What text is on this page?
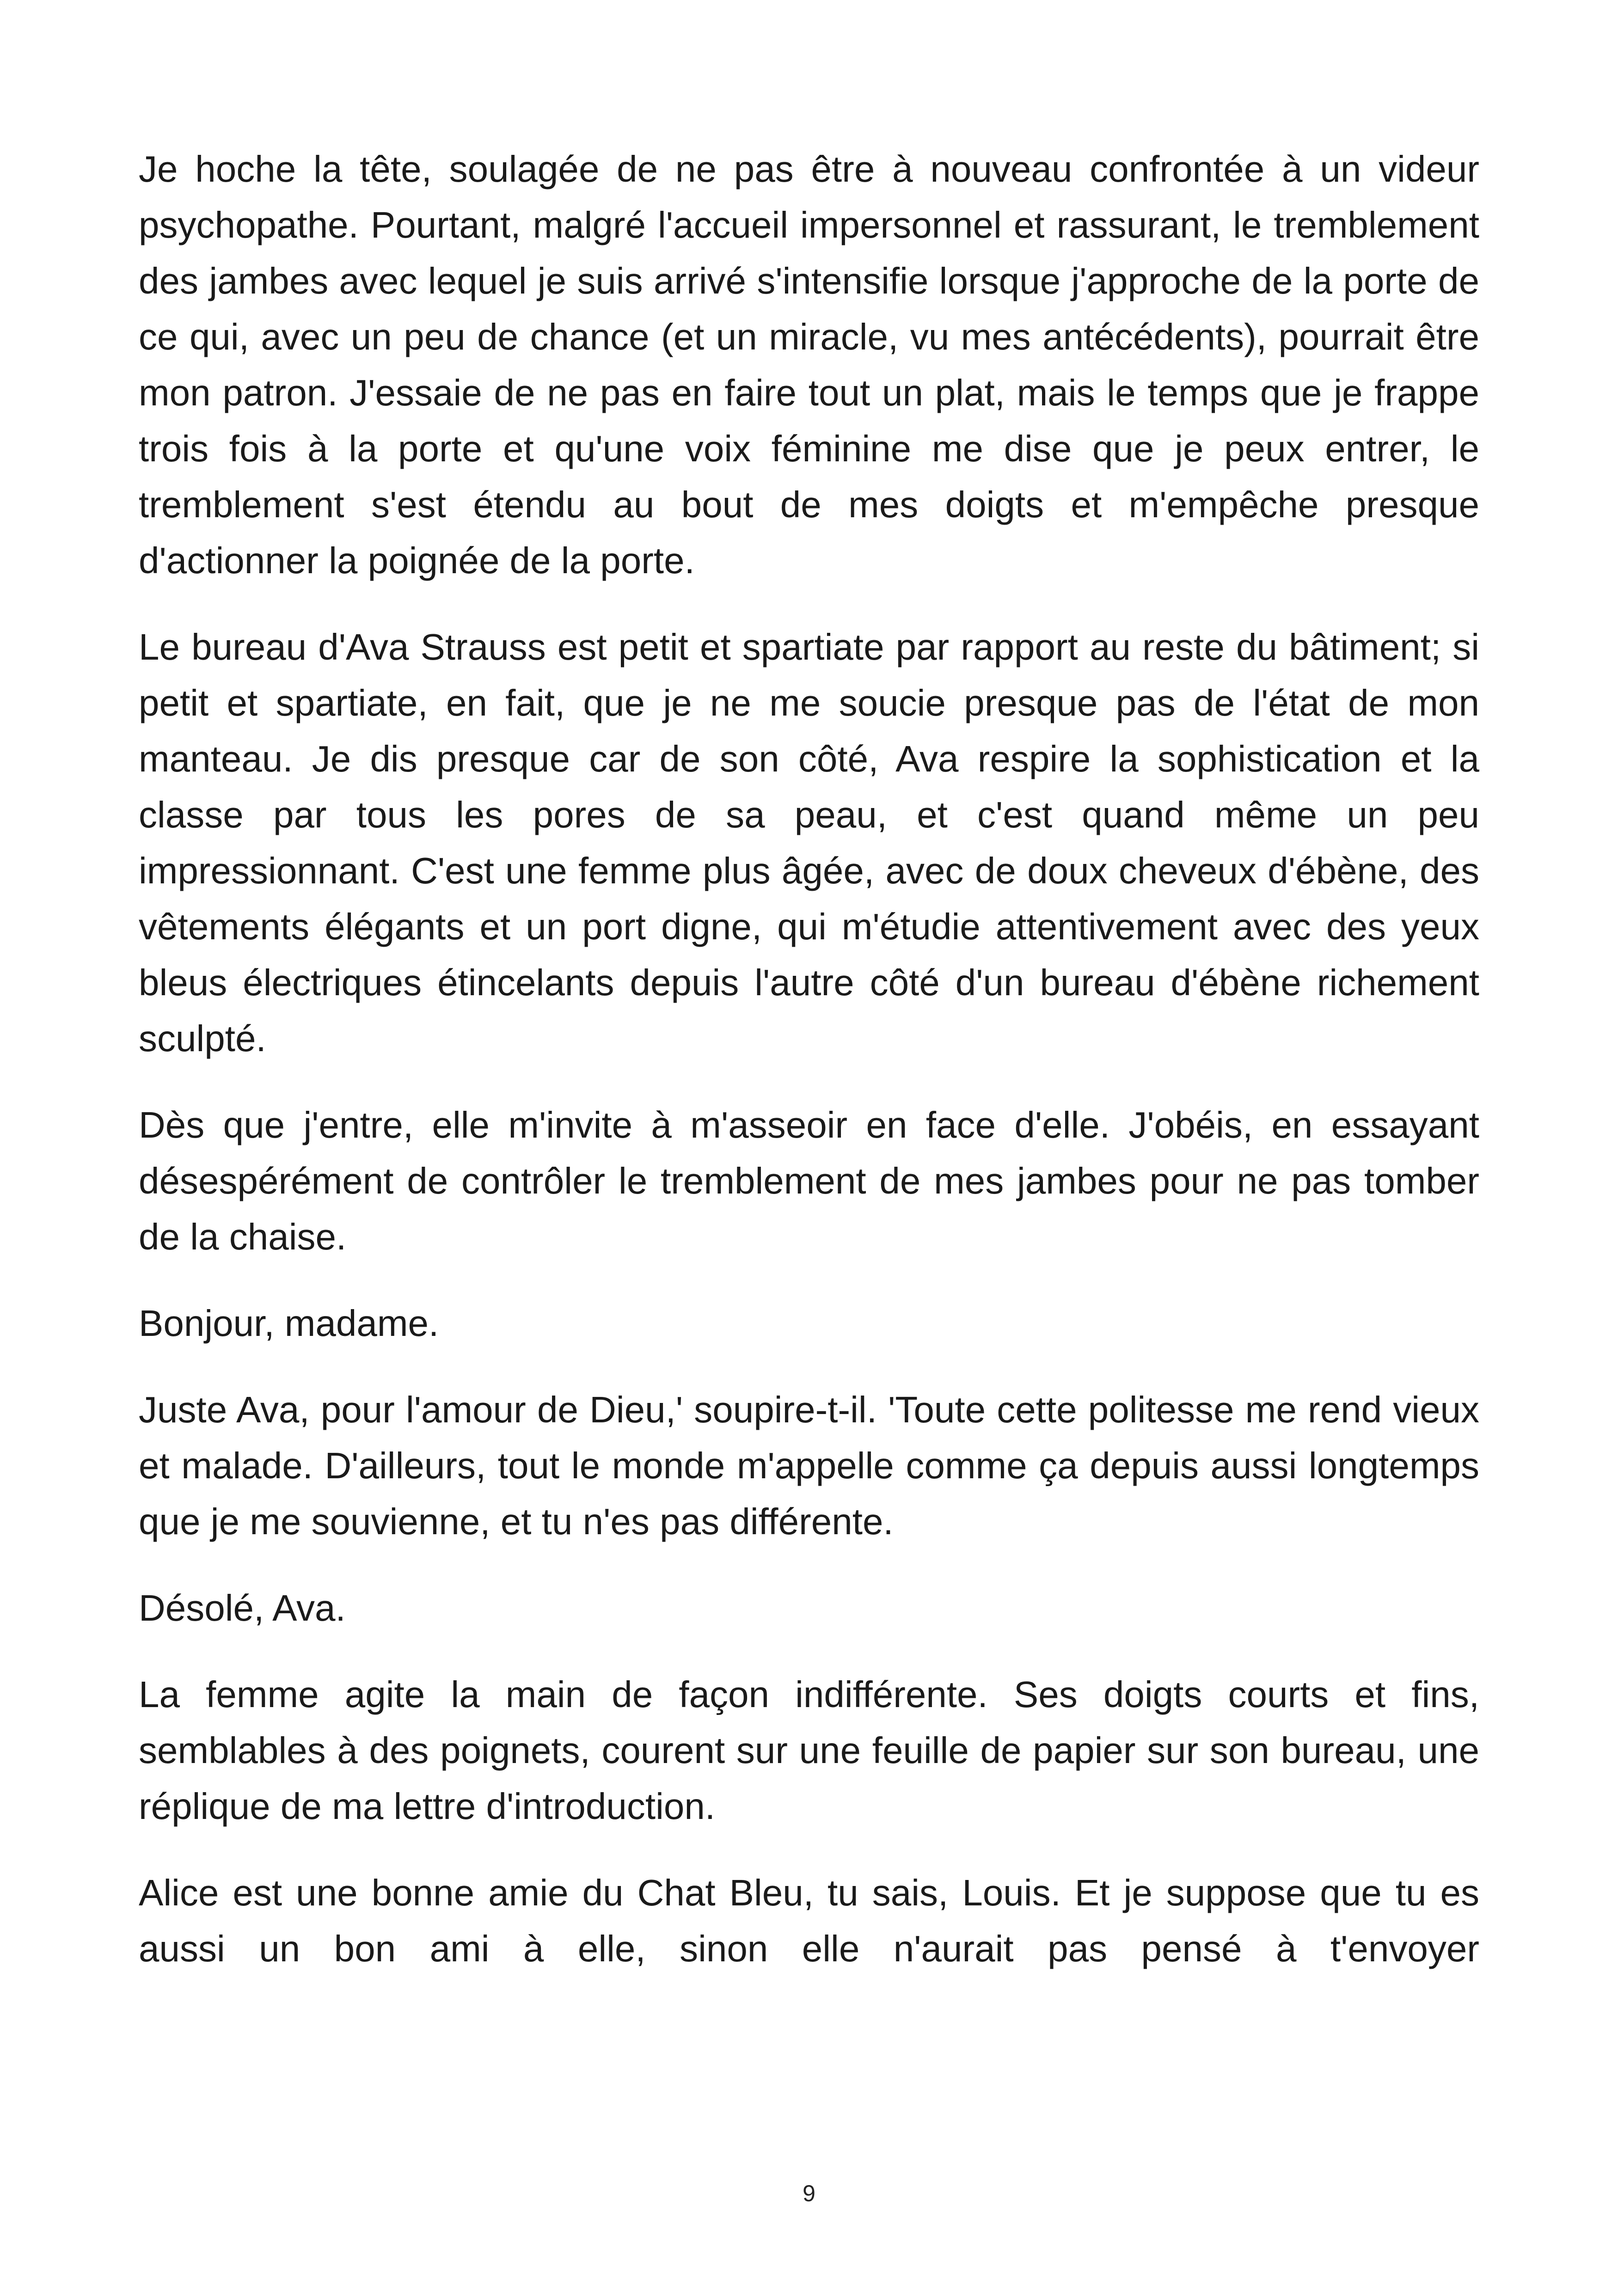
Je hoche la tête, soulagée de ne pas être à nouveau confrontée à un videur psychopathe. Pourtant, malgré l'accueil impersonnel et rassurant, le tremblement des jambes avec lequel je suis arrivé s'intensifie lorsque j'approche de la porte de ce qui, avec un peu de chance (et un miracle, vu mes antécédents), pourrait être mon patron. J'essaie de ne pas en faire tout un plat, mais le temps que je frappe trois fois à la porte et qu'une voix féminine me dise que je peux entrer, le tremblement s'est étendu au bout de mes doigts et m'empêche presque d'actionner la poignée de la porte.

Le bureau d'Ava Strauss est petit et spartiate par rapport au reste du bâtiment; si petit et spartiate, en fait, que je ne me soucie presque pas de l'état de mon manteau. Je dis presque car de son côté, Ava respire la sophistication et la classe par tous les pores de sa peau, et c'est quand même un peu impressionnant. C'est une femme plus âgée, avec de doux cheveux d'ébène, des vêtements élégants et un port digne, qui m'étudie attentivement avec des yeux bleus électriques étincelants depuis l'autre côté d'un bureau d'ébène richement sculpté.

Dès que j'entre, elle m'invite à m'asseoir en face d'elle. J'obéis, en essayant désespérément de contrôler le tremblement de mes jambes pour ne pas tomber de la chaise.

Bonjour, madame.

Juste Ava, pour l'amour de Dieu,' soupire-t-il. 'Toute cette politesse me rend vieux et malade. D'ailleurs, tout le monde m'appelle comme ça depuis aussi longtemps que je me souvienne, et tu n'es pas différente.

Désolé, Ava.

La femme agite la main de façon indifférente. Ses doigts courts et fins, semblables à des poignets, courent sur une feuille de papier sur son bureau, une réplique de ma lettre d'introduction.

Alice est une bonne amie du Chat Bleu, tu sais, Louis. Et je suppose que tu es aussi un bon ami à elle, sinon elle n'aurait pas pensé à t'envoyer

9
